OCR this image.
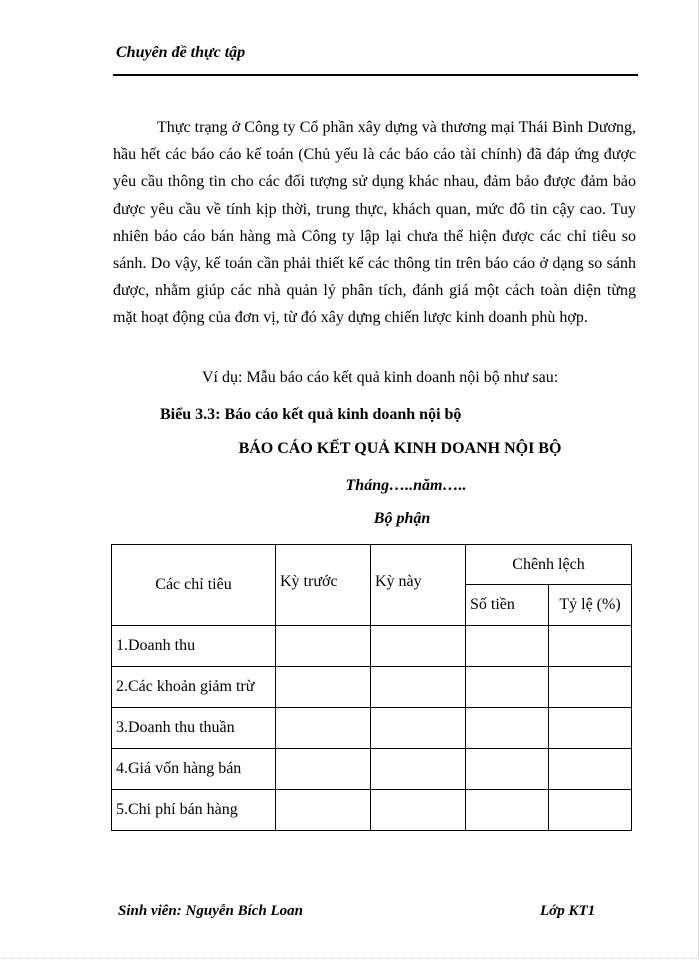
Chuyên đề thực tập
Thực trạng ở Công ty Cổ phần xây dựng và thương mại Thái Bình Dương, hầu hết các báo cáo kế toán (Chủ yếu là các báo cáo tài chính) đã đáp ứng được yêu cầu thông tin cho các đối tượng sử dụng khác nhau, đảm bảo được đảm bảo được yêu cầu về tính kịp thời, trung thực, khách quan, mức đô tin cậy cao. Tuy nhiên báo cáo bán hàng mà Công ty lập lại chưa thể hiện được các chỉ tiêu so sánh. Do vậy, kế toán cần phải thiết kế các thông tin trên báo cáo ở dạng so sánh được, nhằm giúp các nhà quản lý phân tích, đánh giá một cách toàn diện từng mặt hoạt động của đơn vị, từ đó xây dựng chiến lược kinh doanh phù hợp.
Ví dụ: Mẫu báo cáo kết quả kinh doanh nội bộ như sau:
Biểu 3.3: Báo cáo kết quả kinh doanh nội bộ
BÁO CÁO KẾT QUẢ KINH DOANH NỘI BỘ
Tháng…..năm…..
Bộ phận
Các chỉ tiêu	Kỳ trước	Kỳ này	Chênh lệch	
			Số tiền	Tỷ lệ (%)
1.Doanh thu				
2.Các khoản giảm trừ				
3.Doanh thu thuần				
4.Giá vốn hàng bán				
5.Chi phí bán hàng				
Sinh viên: Nguyễn Bích Loan	Lớp KT1
